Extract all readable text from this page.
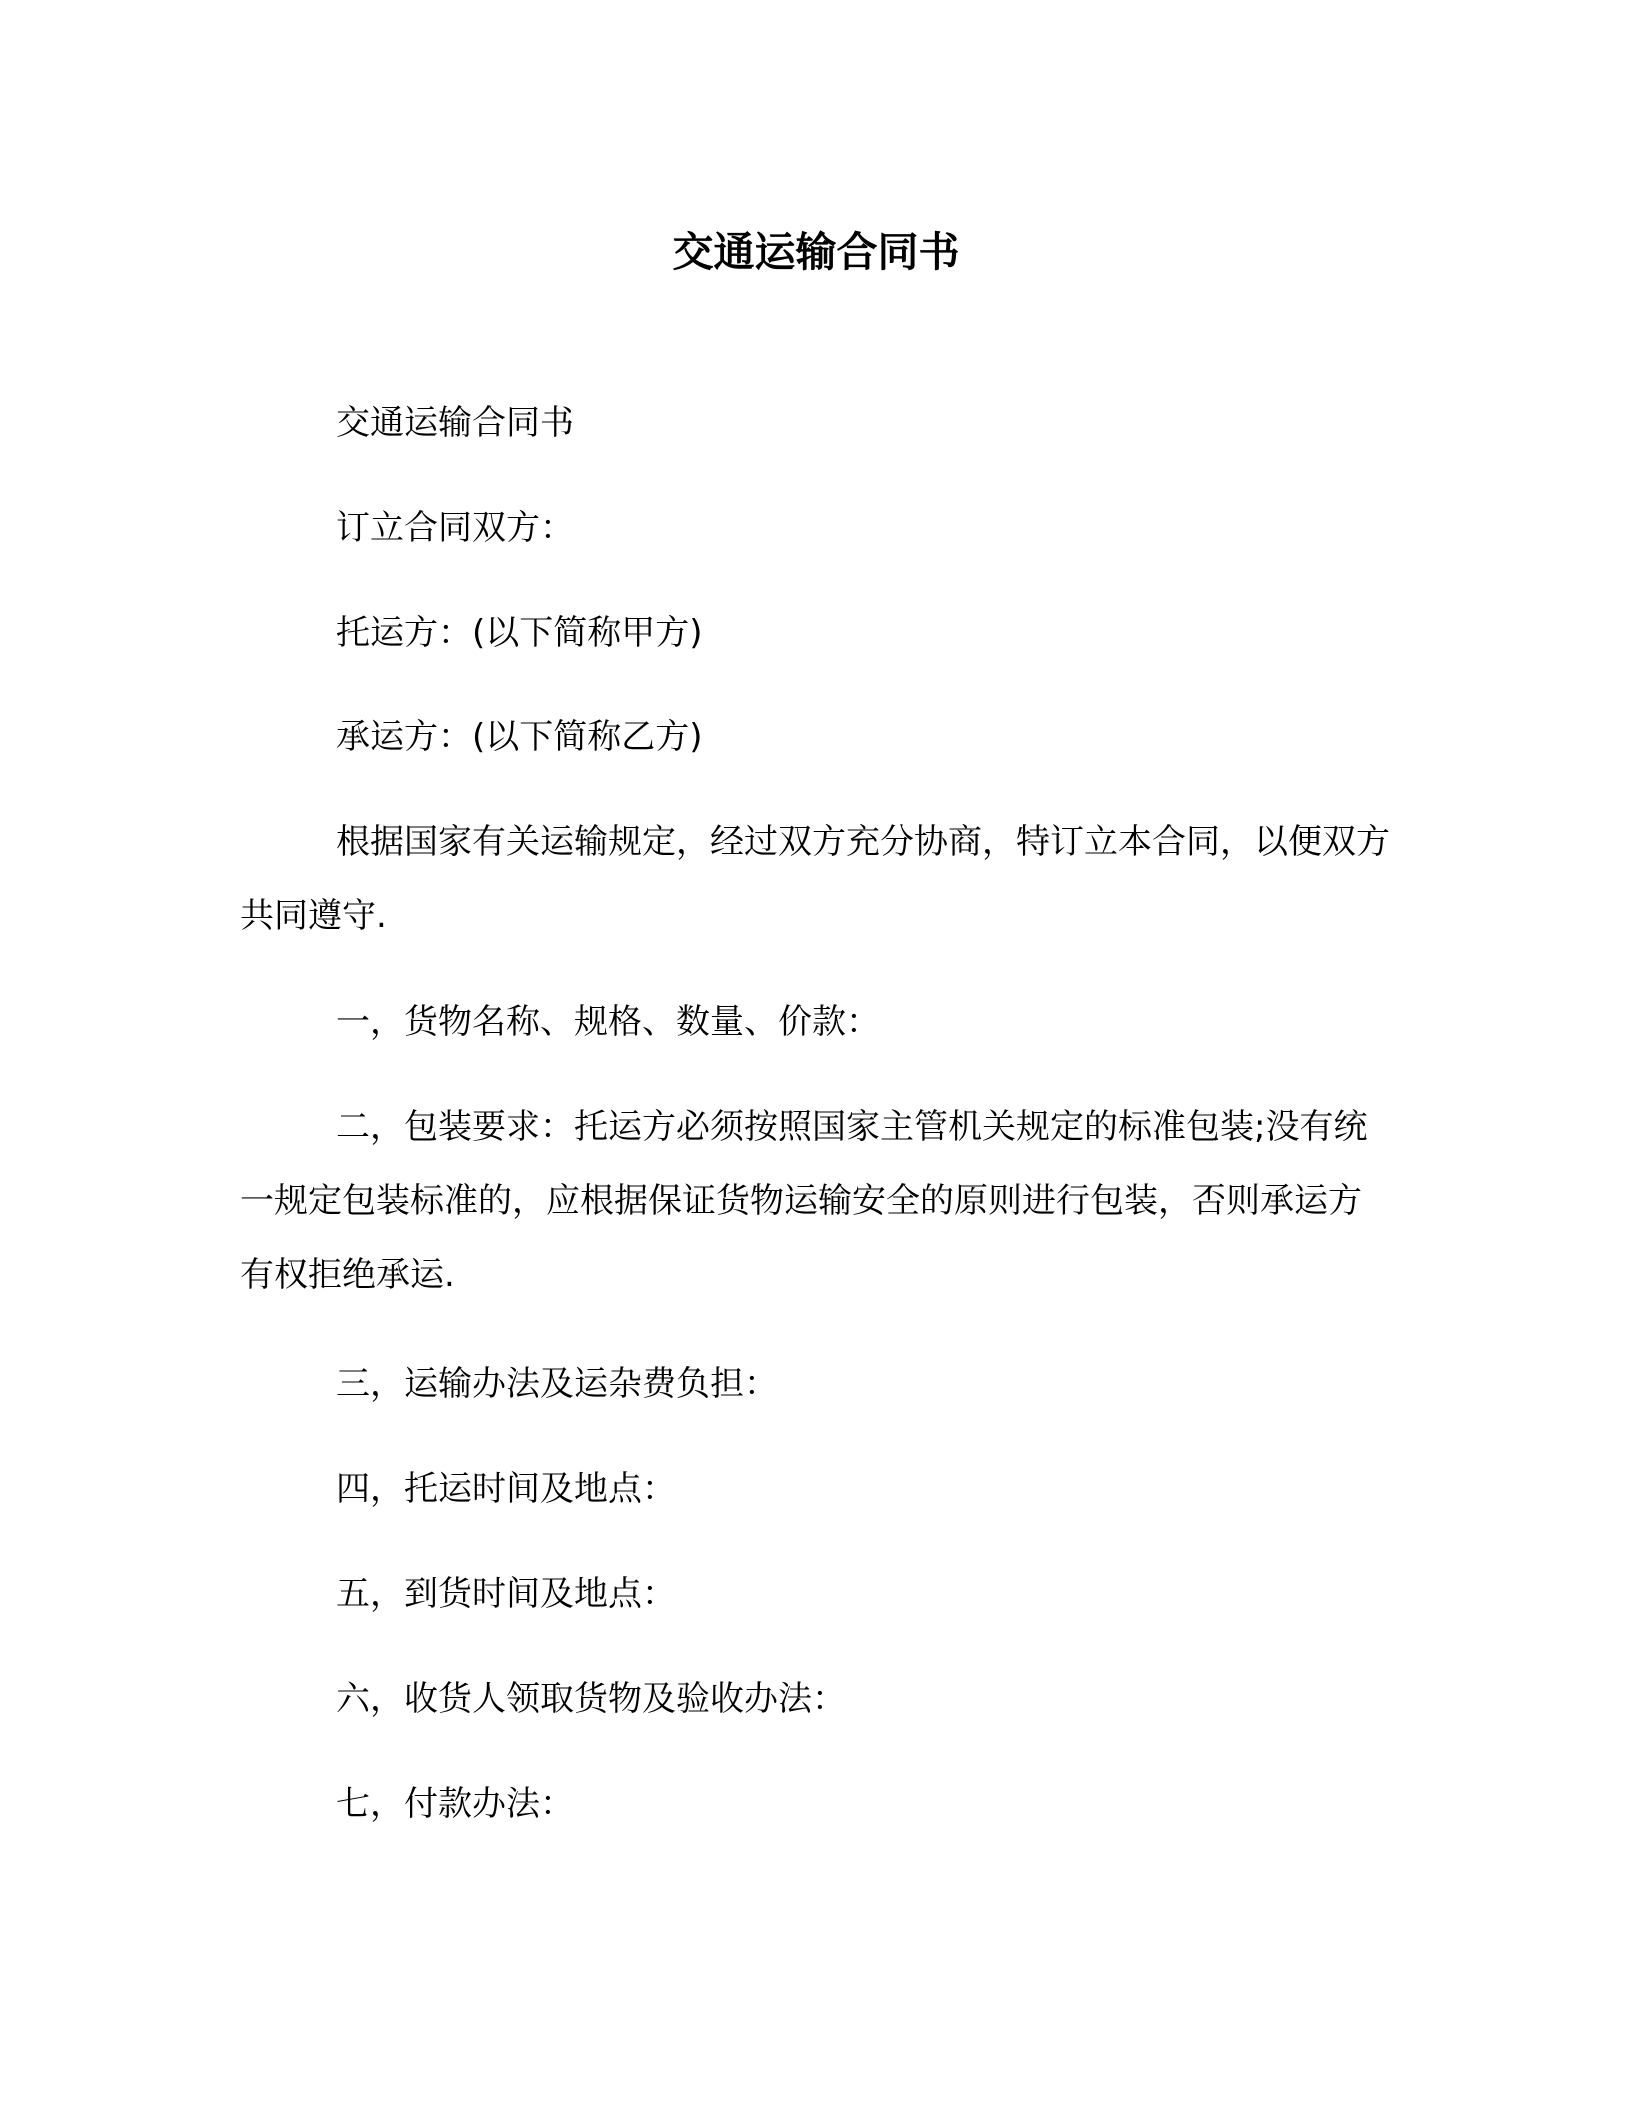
交通运输合同书

交通运输合同书

订立合同双方：

托运方：(以下简称甲方)

承运方：(以下简称乙方)

根据国家有关运输规定，经过双方充分协商，特订立本合同，以便双方共同遵守.

一，货物名称、规格、数量、价款：

二，包装要求：托运方必须按照国家主管机关规定的标准包装;没有统一规定包装标准的，应根据保证货物运输安全的原则进行包装，否则承运方有权拒绝承运.

三，运输办法及运杂费负担：

四，托运时间及地点：

五，到货时间及地点：

六，收货人领取货物及验收办法：

七，付款办法：
